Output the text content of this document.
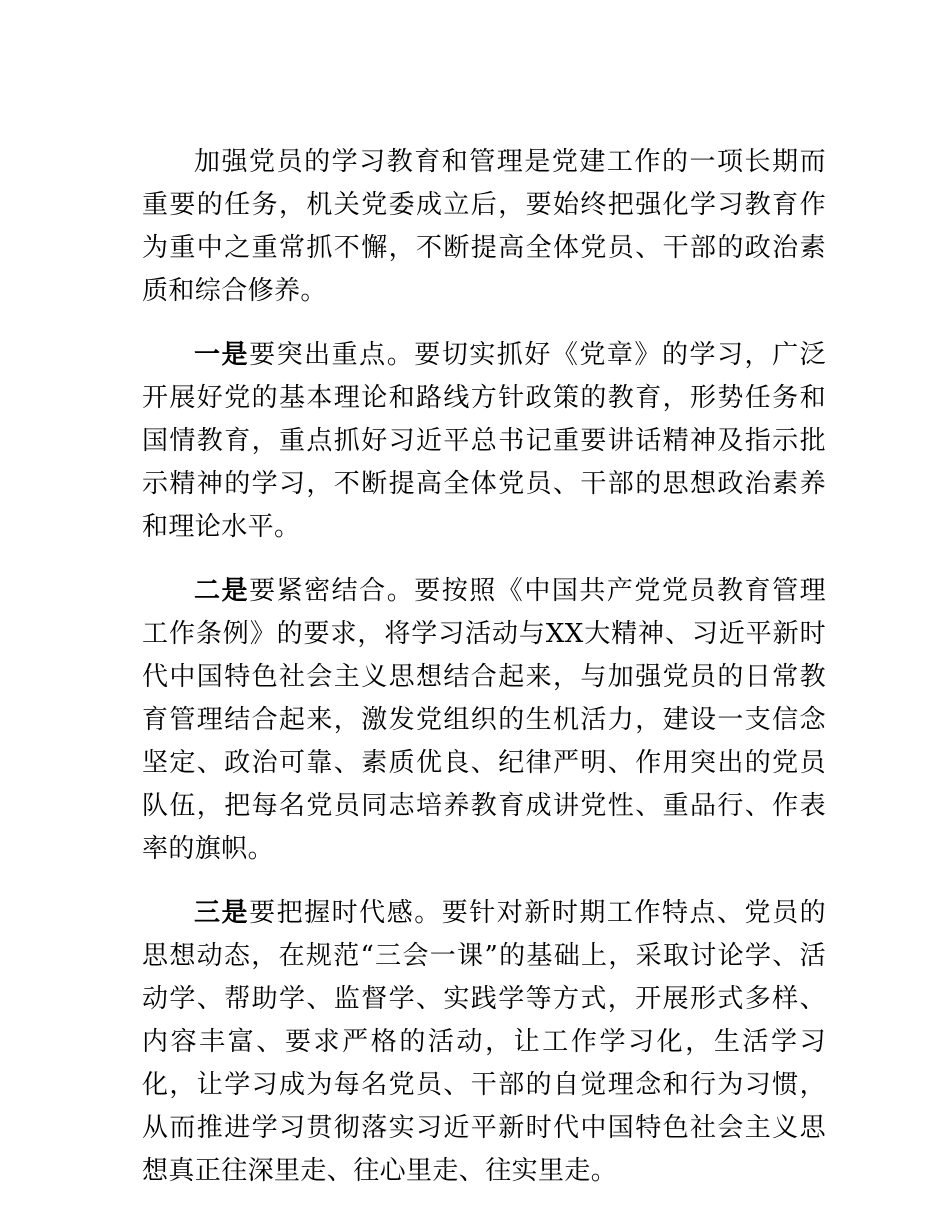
加强党员的学习教育和管理是党建工作的一项长期而重要的任务，机关党委成立后，要始终把强化学习教育作为重中之重常抓不懈，不断提高全体党员、干部的政治素质和综合修养。

一是要突出重点。要切实抓好《党章》的学习，广泛开展好党的基本理论和路线方针政策的教育，形势任务和国情教育，重点抓好习近平总书记重要讲话精神及指示批示精神的学习，不断提高全体党员、干部的思想政治素养和理论水平。

二是要紧密结合。要按照《中国共产党党员教育管理工作条例》的要求，将学习活动与XX大精神、习近平新时代中国特色社会主义思想结合起来，与加强党员的日常教育管理结合起来，激发党组织的生机活力，建设一支信念坚定、政治可靠、素质优良、纪律严明、作用突出的党员队伍，把每名党员同志培养教育成讲党性、重品行、作表率的旗帜。

三是要把握时代感。要针对新时期工作特点、党员的思想动态，在规范“三会一课”的基础上，采取讨论学、活动学、帮助学、监督学、实践学等方式，开展形式多样、内容丰富、要求严格的活动，让工作学习化，生活学习化，让学习成为每名党员、干部的自觉理念和行为习惯，从而推进学习贯彻落实习近平新时代中国特色社会主义思想真正往深里走、往心里走、往实里走。
